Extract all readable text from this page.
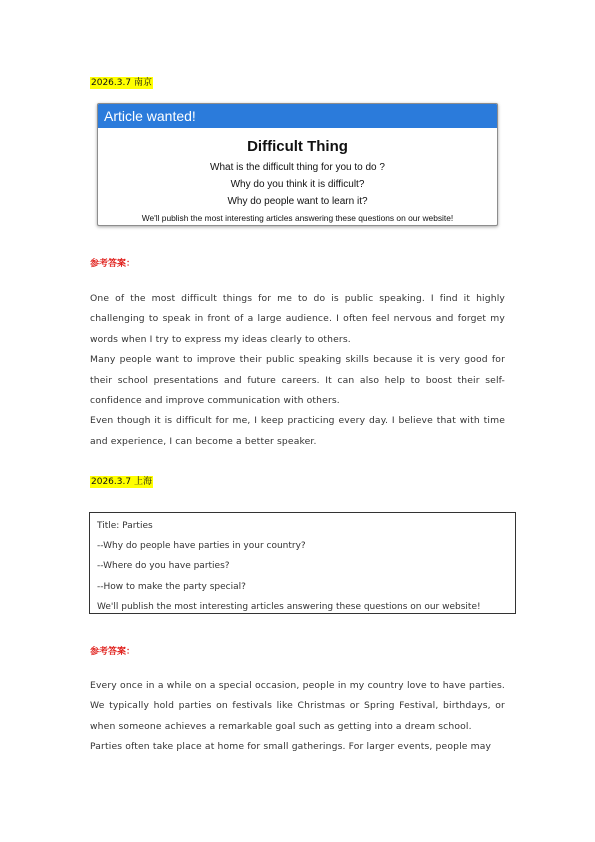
2026.3.7 南京
Article wanted!
Difficult Thing
What is the difficult thing for you to do ?
Why do you think it is difficult?
Why do people want to learn it?
We'll publish the most interesting articles answering these questions on our website!
参考答案：

One of the most difficult things for me to do is public speaking. I find it highly challenging to speak in front of a large audience. I often feel nervous and forget my words when I try to express my ideas clearly to others.

Many people want to improve their public speaking skills because it is very good for their school presentations and future careers. It can also help to boost their self-confidence and improve communication with others.

Even though it is difficult for me, I keep practicing every day. I believe that with time and experience, I can become a better speaker.

2026.3.7 上海
Title: Parties
--Why do people have parties in your country?
--Where do you have parties?
--How to make the party special?
We'll publish the most interesting articles answering these questions on our website!
参考答案：

Every once in a while on a special occasion, people in my country love to have parties. We typically hold parties on festivals like Christmas or Spring Festival, birthdays, or when someone achieves a remarkable goal such as getting into a dream school.

Parties often take place at home for small gatherings. For larger events, people may
